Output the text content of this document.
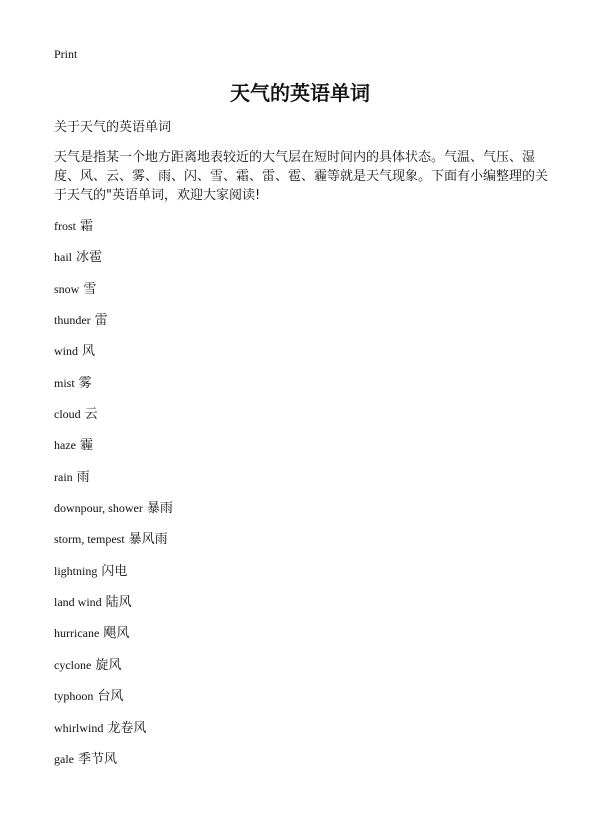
Print
天气的英语单词
关于天气的英语单词

天气是指某一个地方距离地表较近的大气层在短时间内的具体状态。气温、气压、湿度、风、云、雾、雨、闪、雪、霜、雷、雹、霾等就是天气现象。下面有小编整理的关于天气的"英语单词，欢迎大家阅读!

frost 霜
hail 冰雹
snow 雪
thunder 雷
wind 风
mist 雾
cloud 云
haze 霾
rain 雨
downpour, shower 暴雨
storm, tempest 暴风雨
lightning 闪电
land wind 陆风
hurricane 飓风
cyclone 旋风
typhoon 台风
whirlwind 龙卷风
gale 季节风
